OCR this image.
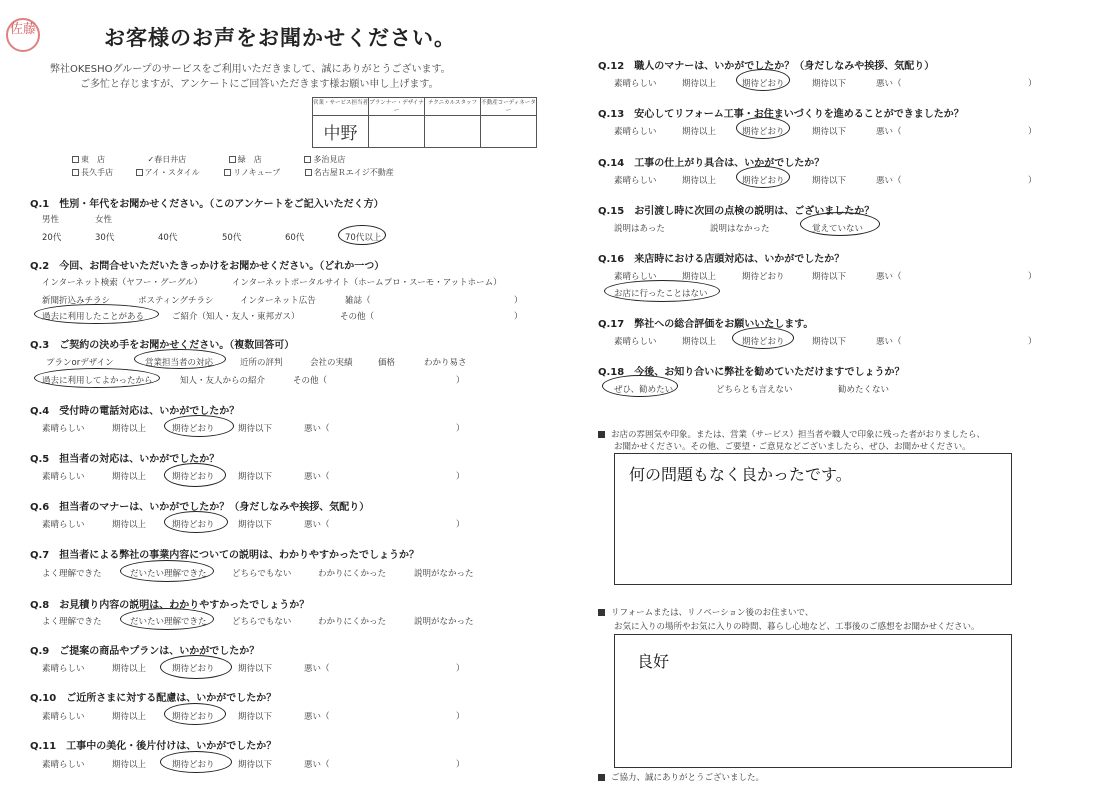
佐藤	お客様のお声をお聞かせください。
弊社OKESHOグループのサービスをご利用いただきまして、誠にありがとうございます。
ご多忙と存じますが、アンケートにご回答いただきます様お願い申し上げます。
営業・サービス担当者	プランナー・デザイナー	テクニカルスタッフ	不動産コーディネーター
中野			
東　店	✓春日井店	緑　店	多治見店
長久手店	アイ・スタイル	リノキューブ	名古屋Ｒエイジ不動産
Q.1　性別・年代をお聞かせください。（このアンケートをご記入いただく方）
男性	女性
20代	30代	40代	50代	60代	70代以上
Q.2　今回、お問合せいただいたきっかけをお聞かせください。（どれか一つ）
インターネット検索（ヤフー・グーグル）	インターネットポータルサイト（ホームプロ・スーモ・アットホーム）
新聞折込みチラシ	ポスティングチラシ	インターネット広告	雑誌（	）
過去に利用したことがある	ご紹介（知人・友人・東邦ガス）	その他（	）
Q.3　ご契約の決め手をお聞かせください。（複数回答可）
プランorデザイン	営業担当者の対応	近所の評判	会社の実績	価格	わかり易さ
過去に利用してよかったから	知人・友人からの紹介	その他（	）
Q.4　受付時の電話対応は、いかがでしたか？
素晴らしい	期待以上	期待どおり	期待以下	悪い（	）
Q.5　担当者の対応は、いかがでしたか？
素晴らしい	期待以上	期待どおり	期待以下	悪い（	）
Q.6　担当者のマナーは、いかがでしたか？（身だしなみや挨拶、気配り）
素晴らしい	期待以上	期待どおり	期待以下	悪い（	）
Q.7　担当者による弊社の事業内容についての説明は、わかりやすかったでしょうか？
よく理解できた	だいたい理解できた	どちらでもない	わかりにくかった	説明がなかった
Q.8　お見積り内容の説明は、わかりやすかったでしょうか？
よく理解できた	だいたい理解できた	どちらでもない	わかりにくかった	説明がなかった
Q.9　ご提案の商品やプランは、いかがでしたか？
素晴らしい	期待以上	期待どおり	期待以下	悪い（	）
Q.10　ご近所さまに対する配慮は、いかがでしたか？
素晴らしい	期待以上	期待どおり	期待以下	悪い（	）
Q.11　工事中の美化・後片付けは、いかがでしたか？
素晴らしい	期待以上	期待どおり	期待以下	悪い（	）
Q.12　職人のマナーは、いかがでしたか？（身だしなみや挨拶、気配り）
素晴らしい	期待以上	期待どおり	期待以下	悪い（	）
Q.13　安心してリフォーム工事・お住まいづくりを進めることができましたか？
素晴らしい	期待以上	期待どおり	期待以下	悪い（	）
Q.14　工事の仕上がり具合は、いかがでしたか？
素晴らしい	期待以上	期待どおり	期待以下	悪い（	）
Q.15　お引渡し時に次回の点検の説明は、ございましたか？
説明はあった	説明はなかった	覚えていない
Q.16　来店時における店頭対応は、いかがでしたか？
素晴らしい	期待以上	期待どおり	期待以下	悪い（	）
お店に行ったことはない
Q.17　弊社への総合評価をお願いいたします。
素晴らしい	期待以上	期待どおり	期待以下	悪い（	）
Q.18　今後、お知り合いに弊社を勧めていただけますでしょうか？
ぜひ、勧めたい	どちらとも言えない	勧めたくない
お店の雰囲気や印象。または、営業（サービス）担当者や職人で印象に残った者がおりましたら、
お聞かせください。その他、ご要望・ご意見などございましたら、ぜひ、お聞かせください。
何の問題もなく良かったです。
リフォームまたは、リノベーション後のお住まいで、
お気に入りの場所やお気に入りの時間、暮らし心地など、工事後のご感想をお聞かせください。
良好
ご協力、誠にありがとうございました。
